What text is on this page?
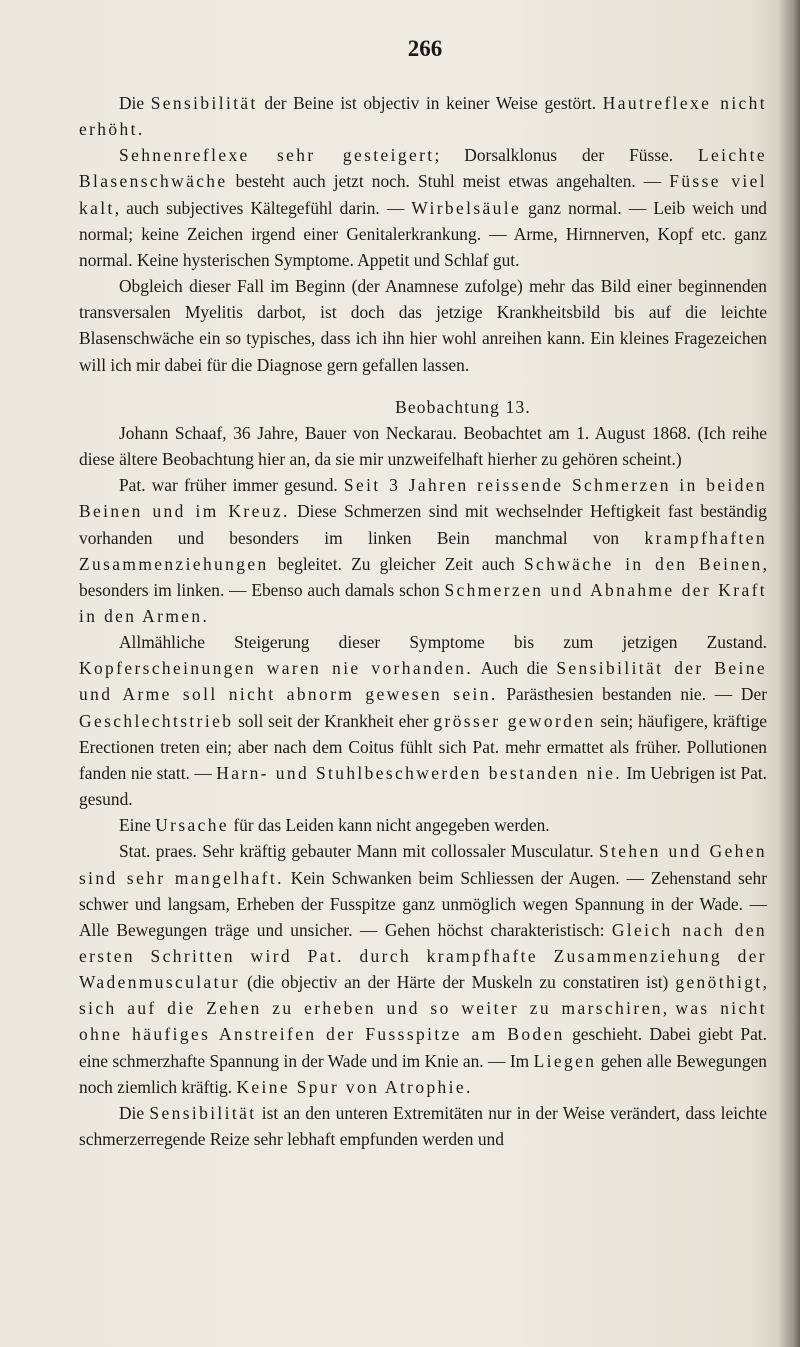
266

Die Sensibilität der Beine ist objectiv in keiner Weise gestört. Hautreflexe nicht erhöht.

Sehnenreflexe sehr gesteigert; Dorsalklonus der Füsse. Leichte Blasenschwäche besteht auch jetzt noch. Stuhl meist etwas angehalten. — Füsse viel kalt, auch subjectives Kältegefühl darin. — Wirbelsäule ganz normal. — Leib weich und normal; keine Zeichen irgend einer Genitalerkrankung. — Arme, Hirnnerven, Kopf etc. ganz normal. Keine hysterischen Symptome. Appetit und Schlaf gut.

Obgleich dieser Fall im Beginn (der Anamnese zufolge) mehr das Bild einer beginnenden transversalen Myelitis darbot, ist doch das jetzige Krankheitsbild bis auf die leichte Blasenschwäche ein so typisches, dass ich ihn hier wohl anreihen kann. Ein kleines Fragezeichen will ich mir dabei für die Diagnose gern gefallen lassen.

Beobachtung 13.

Johann Schaaf, 36 Jahre, Bauer von Neckarau. Beobachtet am 1. August 1868. (Ich reihe diese ältere Beobachtung hier an, da sie mir unzweifelhaft hierher zu gehören scheint.)

Pat. war früher immer gesund. Seit 3 Jahren reissende Schmerzen in beiden Beinen und im Kreuz. Diese Schmerzen sind mit wechselnder Heftigkeit fast beständig vorhanden und besonders im linken Bein manchmal von krampfhaften Zusammenziehungen begleitet. Zu gleicher Zeit auch Schwäche in den Beinen, besonders im linken. — Ebenso auch damals schon Schmerzen und Abnahme der Kraft in den Armen.

Allmähliche Steigerung dieser Symptome bis zum jetzigen Zustand. Kopferscheinungen waren nie vorhanden. Auch die Sensibilität der Beine und Arme soll nicht abnorm gewesen sein. Parästhesien bestanden nie. — Der Geschlechtstrieb soll seit der Krankheit eher grösser geworden sein; häufigere, kräftige Erectionen treten ein; aber nach dem Coitus fühlt sich Pat. mehr ermattet als früher. Pollutionen fanden nie statt. — Harn- und Stuhlbeschwerden bestanden nie. Im Uebrigen ist Pat. gesund.

Eine Ursache für das Leiden kann nicht angegeben werden.

Stat. praes. Sehr kräftig gebauter Mann mit collossaler Musculatur. Stehen und Gehen sind sehr mangelhaft. Kein Schwanken beim Schliessen der Augen. — Zehenstand sehr schwer und langsam, Erheben der Fusspitze ganz unmöglich wegen Spannung in der Wade. — Alle Bewegungen träge und unsicher. — Gehen höchst charakteristisch: Gleich nach den ersten Schritten wird Pat. durch krampfhafte Zusammenziehung der Wadenmusculatur (die objectiv an der Härte der Muskeln zu constatiren ist) genöthigt, sich auf die Zehen zu erheben und so weiter zu marschiren, was nicht ohne häufiges Anstreifen der Fussspitze am Boden geschieht. Dabei giebt Pat. eine schmerzhafte Spannung in der Wade und im Knie an. — Im Liegen gehen alle Bewegungen noch ziemlich kräftig. Keine Spur von Atrophie.

Die Sensibilität ist an den unteren Extremitäten nur in der Weise verändert, dass leichte schmerzerregende Reize sehr lebhaft empfunden werden und
